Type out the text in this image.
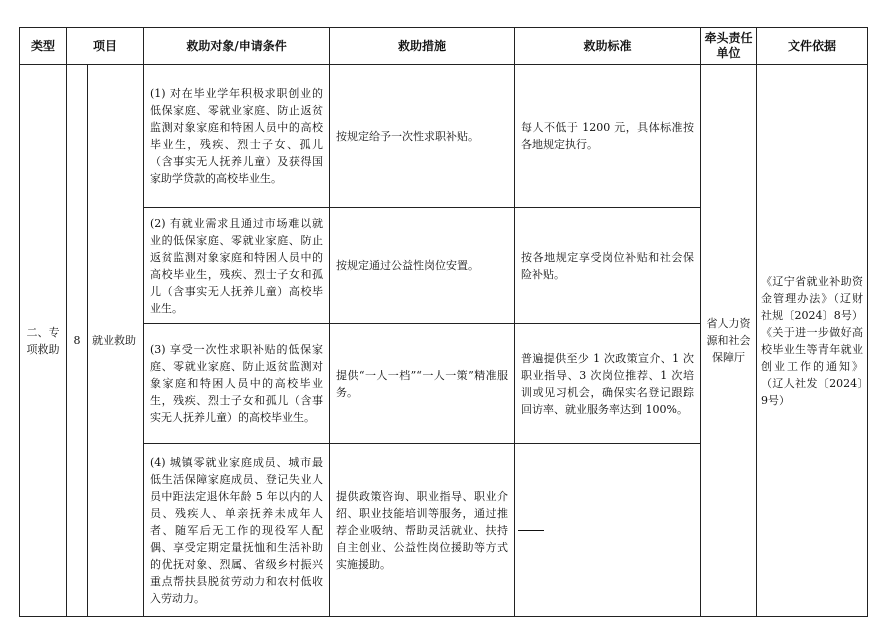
类型	项目		救助对象/申请条件	救助措施	救助标准	牵头责任单位	文件依据
二、专项救助	8	就业救助	(1) 对在毕业学年积极求职创业的低保家庭、零就业家庭、防止返贫监测对象家庭和特困人员中的高校毕业生，残疾、烈士子女、孤儿（含事实无人抚养儿童）及获得国家助学贷款的高校毕业生。	按规定给予一次性求职补贴。	每人不低于 1200 元，具体标准按各地规定执行。	省人力资源和社会保障厅	《辽宁省就业补助资金管理办法》（辽财社规〔2024〕8号）《关于进一步做好高校毕业生等青年就业创业工作的通知》（辽人社发〔2024〕9号）
			(2) 有就业需求且通过市场难以就业的低保家庭、零就业家庭、防止返贫监测对象家庭和特困人员中的高校毕业生，残疾、烈士子女和孤儿（含事实无人抚养儿童）高校毕业生。	按规定通过公益性岗位安置。	按各地规定享受岗位补贴和社会保险补贴。		
			(3) 享受一次性求职补贴的低保家庭、零就业家庭、防止返贫监测对象家庭和特困人员中的高校毕业生，残疾、烈士子女和孤儿（含事实无人抚养儿童）的高校毕业生。	提供“一人一档”“一人一策”精准服务。	普遍提供至少 1 次政策宣介、1 次职业指导、3 次岗位推荐、1 次培训或见习机会，确保实名登记跟踪回访率、就业服务率达到 100%。		
			(4) 城镇零就业家庭成员、城市最低生活保障家庭成员、登记失业人员中距法定退休年龄 5 年以内的人员、残疾人、单亲抚养未成年人者、随军后无工作的现役军人配偶、享受定期定量抚恤和生活补助的优抚对象、烈属、省级乡村振兴重点帮扶县脱贫劳动力和农村低收入劳动力。	提供政策咨询、职业指导、职业介绍、职业技能培训等服务，通过推荐企业吸纳、帮助灵活就业、扶持自主创业、公益性岗位援助等方式实施援助。			
